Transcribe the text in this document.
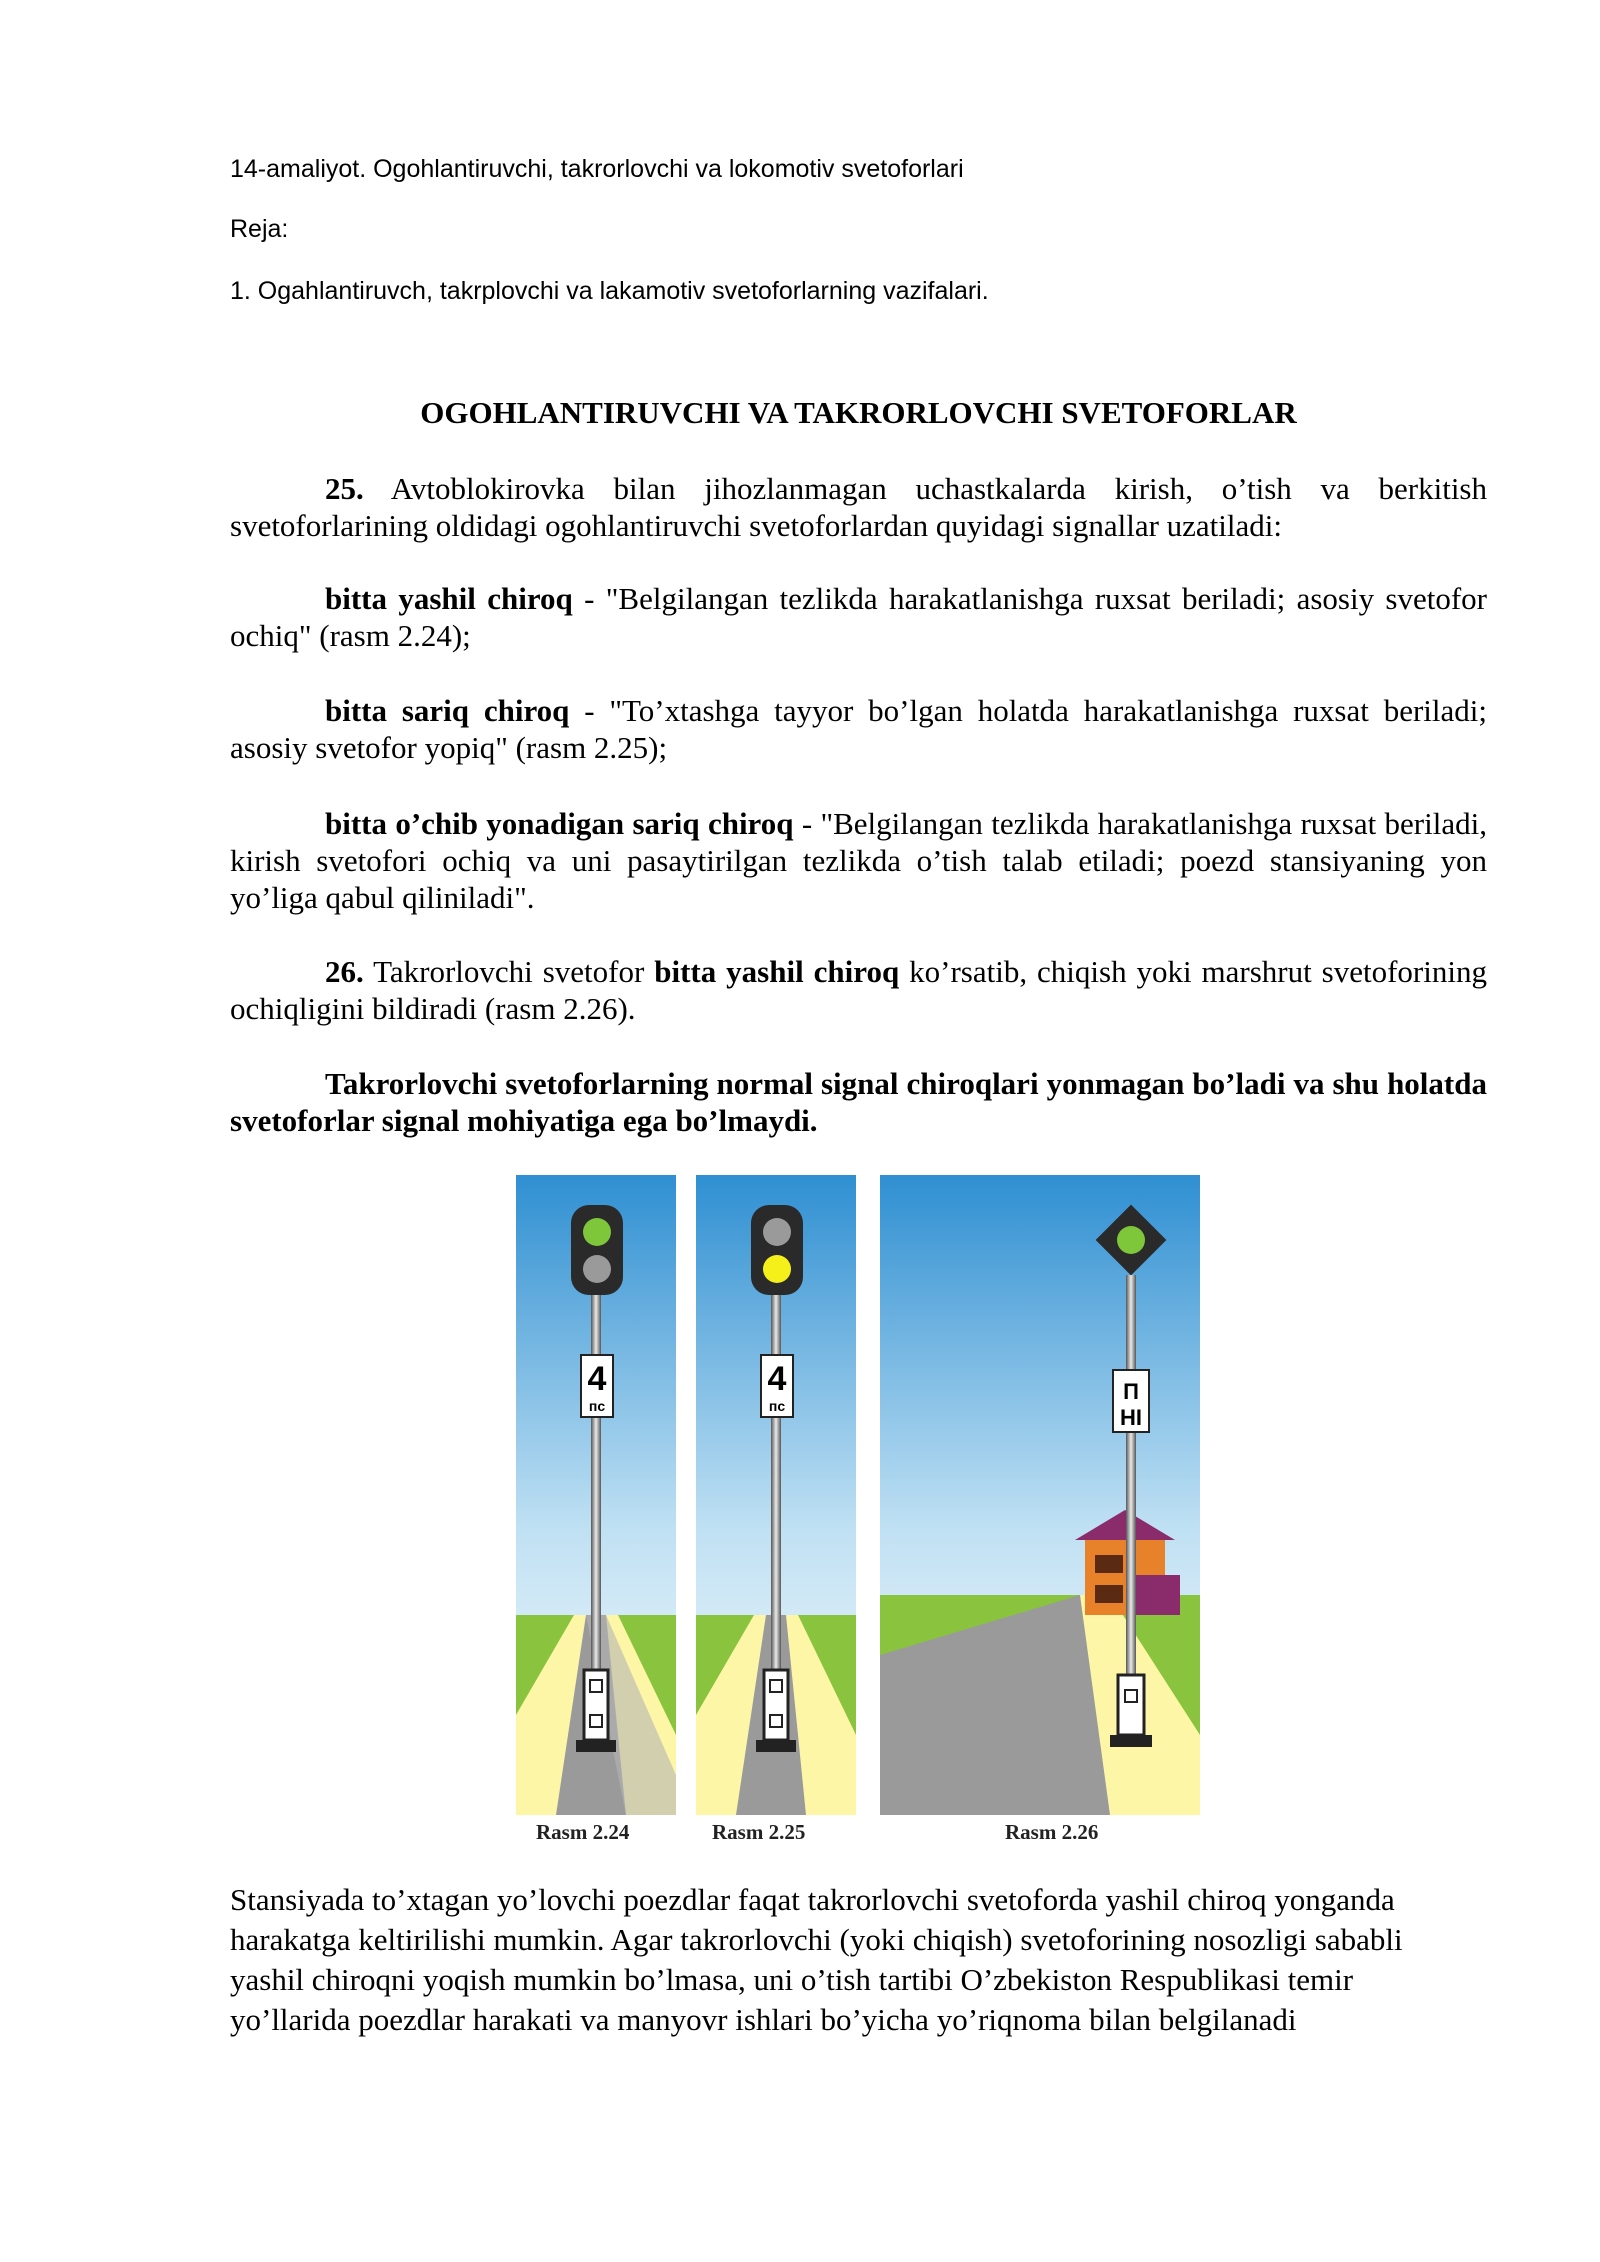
14-amaliyot. Ogohlantiruvchi, takrorlovchi va lokomotiv svetoforlari
Reja:
1. Ogahlantiruvch, takrplovchi va lakamotiv svetoforlarning vazifalari.
OGOHLANTIRUVCHI VA TAKRORLOVCHI SVETOFORLAR
25. Avtoblokirovka bilan jihozlanmagan uchastkalarda kirish, o’tish va berkitish svetoforlarining oldidagi ogohlantiruvchi svetoforlardan quyidagi signallar uzatiladi:
bitta yashil chiroq - "Belgilangan tezlikda harakatlanishga ruxsat beriladi; asosiy svetofor ochiq" (rasm 2.24);
bitta sariq chiroq - "To’xtashga tayyor bo’lgan holatda harakatlanishga ruxsat beriladi; asosiy svetofor yopiq" (rasm 2.25);
bitta o’chib yonadigan sariq chiroq - "Belgilangan tezlikda harakatlanishga ruxsat beriladi, kirish svetofori ochiq va uni pasaytirilgan tezlikda o’tish talab etiladi; poezd stansiyaning yon yo’liga qabul qiliniladi".
26. Takrorlovchi svetofor bitta yashil chiroq ko’rsatib, chiqish yoki marshrut svetoforining ochiqligini bildiradi (rasm 2.26).
Takrorlovchi svetoforlarning normal signal chiroqlari yonmagan bo’ladi va shu holatda svetoforlar signal mohiyatiga ega bo’lmaydi.
4
пс
4
пс
П
НІ
Rasm 2.24	Rasm 2.25	Rasm 2.26
Stansiyada to’xtagan yo’lovchi poezdlar faqat takrorlovchi svetoforda yashil chiroq yonganda harakatga keltirilishi mumkin. Agar takrorlovchi (yoki chiqish) svetoforining nosozligi sababli yashil chiroqni yoqish mumkin bo’lmasa, uni o’tish tartibi O’zbekiston Respublikasi temir yo’llarida poezdlar harakati va manyovr ishlari bo’yicha yo’riqnoma bilan belgilanadi
